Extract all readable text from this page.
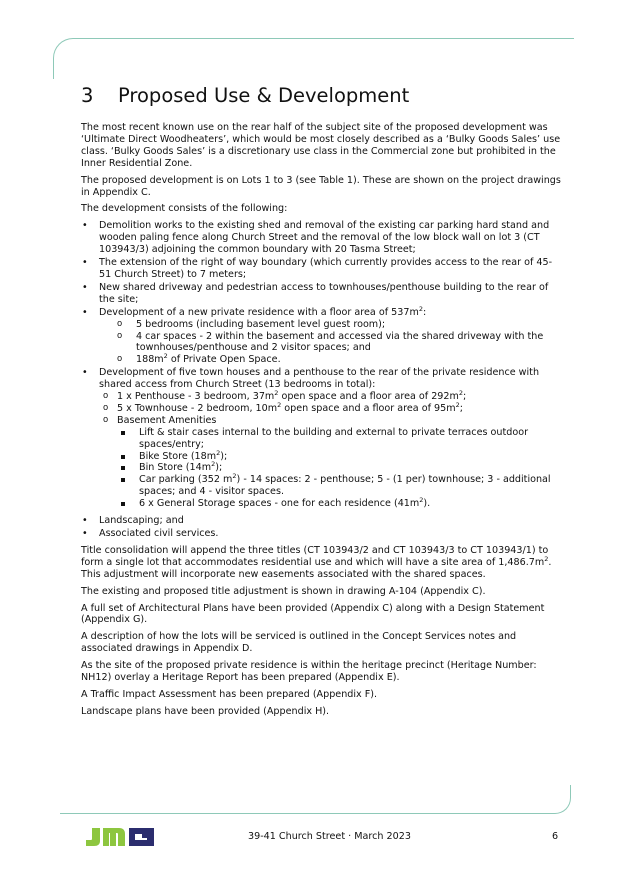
3 Proposed Use & Development

The most recent known use on the rear half of the subject site of the proposed development was ‘Ultimate Direct Woodheaters’, which would be most closely described as a ‘Bulky Goods Sales’ use class. ‘Bulky Goods Sales’ is a discretionary use class in the Commercial zone but prohibited in the Inner Residential Zone.

The proposed development is on Lots 1 to 3 (see Table 1). These are shown on the project drawings in Appendix C.

The development consists of the following:

• Demolition works to the existing shed and removal of the existing car parking hard stand and wooden paling fence along Church Street and the removal of the low block wall on lot 3 (CT 103943/3) adjoining the common boundary with 20 Tasma Street;
• The extension of the right of way boundary (which currently provides access to the rear of 45-51 Church Street) to 7 meters;
• New shared driveway and pedestrian access to townhouses/penthouse building to the rear of the site;
• Development of a new private residence with a floor area of $537m^2$:
o 5 bedrooms (including basement level guest room);
o 4 car spaces - 2 within the basement and accessed via the shared driveway with the townhouses/penthouse and 2 visitor spaces; and
o $188m^2$ of Private Open Space.
• Development of five town houses and a penthouse to the rear of the private residence with shared access from Church Street (13 bedrooms in total):
o 1 x Penthouse - 3 bedroom, $37m^2$ open space and a floor area of $292m^2$;
o 5 x Townhouse - 2 bedroom, $10m^2$ open space and a floor area of $95m^2$;
o Basement Amenities
Lift & stair cases internal to the building and external to private terraces outdoor spaces/entry;
Bike Store $(18m^2)$;
Bin Store $(14m^2)$;
Car parking (352 $m^2) - 14$ spaces: 2 - penthouse; 5 - (1 per) townhouse; 3 - additional spaces; and 4 - visitor spaces.
6 x General Storage spaces - one for each residence $(41m^2)$.
• Landscaping; and
• Associated civil services.

Title consolidation will append the three titles (CT 103943/2 and CT 103943/3 to CT 103943/1) to form a single lot that accommodates residential use and which will have a site area of $1,486.7m^2$. This adjustment will incorporate new easements associated with the shared spaces.

The existing and proposed title adjustment is shown in drawing A-104 (Appendix C).

A full set of Architectural Plans have been provided (Appendix C) along with a Design Statement (Appendix G).

A description of how the lots will be serviced is outlined in the Concept Services notes and associated drawings in Appendix D.

As the site of the proposed private residence is within the heritage precinct (Heritage Number: NH12) overlay a Heritage Report has been prepared (Appendix E).

A Traffic Impact Assessment has been prepared (Appendix F).

Landscape plans have been provided (Appendix H).

39-41 Church Street · March 2023	6
